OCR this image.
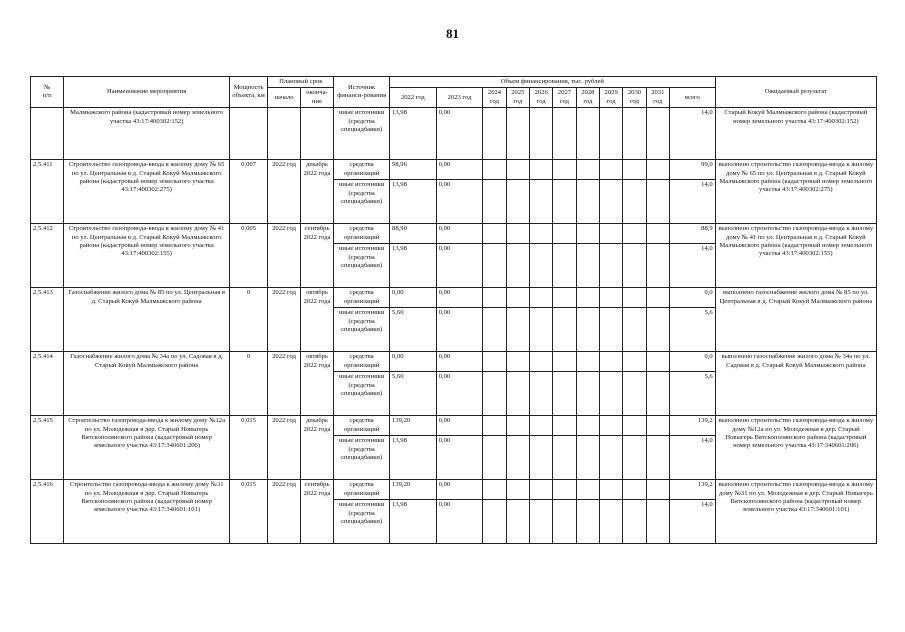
81
№
п/п	Наименование мероприятия	Мощность объекта, км	Плановый срок		Источник финанси-рования	Объем финансирования, тыс. рублей											Ожидаемый результат
			начало	оконча-ние		2022 год	2023 год	2024 год	2025 год	2026 год	2027 год	2028 год	2029 год	2030 год	2031 год	всего	
	Малмыжского района (кадастровый номер земельного участка 43:17:400302:152)				иные источники (средства спецнадбавки)	13,98	0,00									14,0	Старый Кокуй Малмыжского района (кадастровый номер земельного участка 43:17:400302:152)
2.5.411	Строительство газопровода-ввода к жилому дому № 65 по ул. Центральная в д. Старый Кокуй Малмыжского района (кадастровый номер земельного участка 43:17:400302:275)	0,007	2022 год	декабрь 2022 года	средства организаций	98,96	0,00									99,0	выполнено строительство газопровода-ввода к жилому дому № 65 по ул. Центральная в д. Старый Кокуй Малмыжского района (кадастровый номер земельного участка 43:17:400302:275)
					иные источники (средства спецнадбавки)	13,98	0,00									14,0	
2.5.412	Строительство газопровода-ввода к жилому дому № 41 по ул. Центральная в д. Старый Кокуй Малмыжского района (кадастровый номер земельного участка 43:17:400302:155)	0,005	2022 год	сентябрь 2022 года	средства организаций	88,90	0,00									88,9	выполнено строительство газопровода-ввода к жилому дому № 41 по ул. Центральная в д. Старый Кокуй Малмыжского района (кадастровый номер земельного участка 43:17:400302:155)
					иные источники (средства спецнадбавки)	13,98	0,00									14,0	
2.5.413	Газоснабжение жилого дома № 85 по ул. Центральная в д. Старый Кокуй Малмыжского района	0	2022 год	октябрь 2022 года	средства организаций	0,00	0,00									0,0	выполнено газоснабжение жилого дома № 85 по ул. Центральная в д. Старый Кокуй Малмыжского района
					иные источники (средства спецнадбавки)	5,60	0,00									5,6	
2.5.414	Газоснабжение жилого дома № 34а по ул. Садовая в д. Старый Кокуй Малмыжского района	0	2022 год	октябрь 2022 года	средства организаций	0,00	0,00									0,0	выполнено газоснабжение жилого дома № 34а по ул. Садовая в д. Старый Кокуй Малмыжского района
					иные источники (средства спецнадбавки)	5,60	0,00									5,6	
2.5.415	Строительство газопровода-ввода к жилому дому №12а по ул. Молодежная в дер. Старый Новыгерь Вятскополянского района (кадастровый номер земельного участка 43:17:340601:206)	0,015	2022 год	декабрь 2022 года	средства организаций	139,20	0,00									139,2	выполнено строительство газопровода-ввода к жилому дому №12а по ул. Молодежная в дер. Старый Новыгерь Вятскополянского района (кадастровый номер земельного участка 43:17:340601:206)
					иные источники (средства спецнадбавки)	13,98	0,00									14,0	
2.5.416	Строительство газопровода-ввода к жилому дому №31 по ул. Молодежная в дер. Старый Новыгерь Вятскополянского района (кадастровый номер земельного участка 43:17:340601:101)	0,015	2022 год	сентябрь 2022 года	средства организаций	139,20	0,00									139,2	выполнено строительство газопровода-ввода к жилому дому №31 по ул. Молодежная в дер. Старый Новыгерь Вятскополянского района (кадастровый номер земельного участка 43:17:340601:101)
					иные источники (средства спецнадбавки)	13,98	0,00									14,0	
